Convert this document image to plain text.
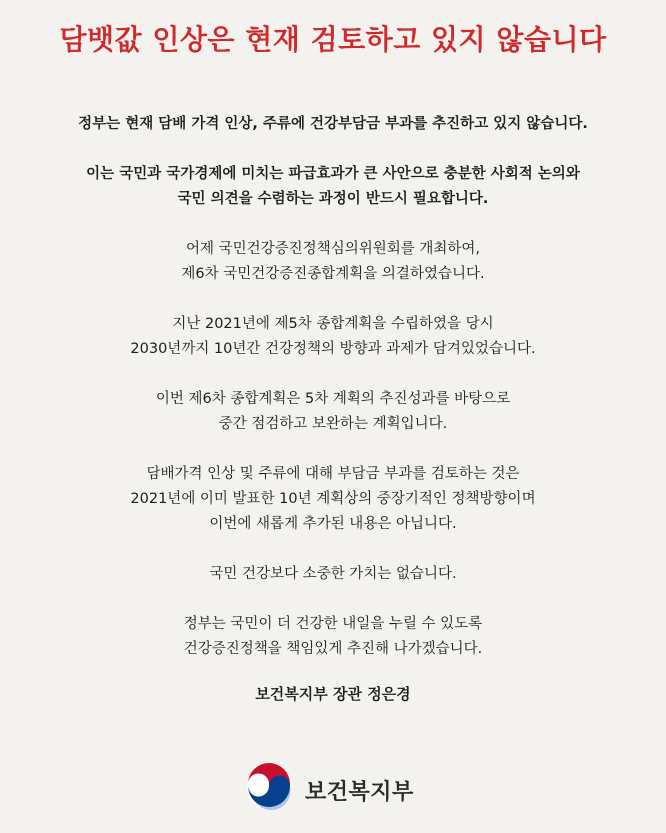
담뱃값 인상은 현재 검토하고 있지 않습니다
정부는 현재 담배 가격 인상, 주류에 건강부담금 부과를 추진하고 있지 않습니다.
이는 국민과 국가경제에 미치는 파급효과가 큰 사안으로 충분한 사회적 논의와
국민 의견을 수렴하는 과정이 반드시 필요합니다.
어제 국민건강증진정책심의위원회를 개최하여,
제6차 국민건강증진종합계획을 의결하였습니다.
지난 2021년에 제5차 종합계획을 수립하였을 당시
2030년까지 10년간 건강정책의 방향과 과제가 담겨있었습니다.
이번 제6차 종합계획은 5차 계획의 추진성과를 바탕으로
중간 점검하고 보완하는 계획입니다.
담배가격 인상 및 주류에 대해 부담금 부과를 검토하는 것은
2021년에 이미 발표한 10년 계획상의 중장기적인 정책방향이며
이번에 새롭게 추가된 내용은 아닙니다.
국민 건강보다 소중한 가치는 없습니다.
정부는 국민이 더 건강한 내일을 누릴 수 있도록
건강증진정책을 책임있게 추진해 나가겠습니다.
보건복지부 장관 정은경
보건복지부
